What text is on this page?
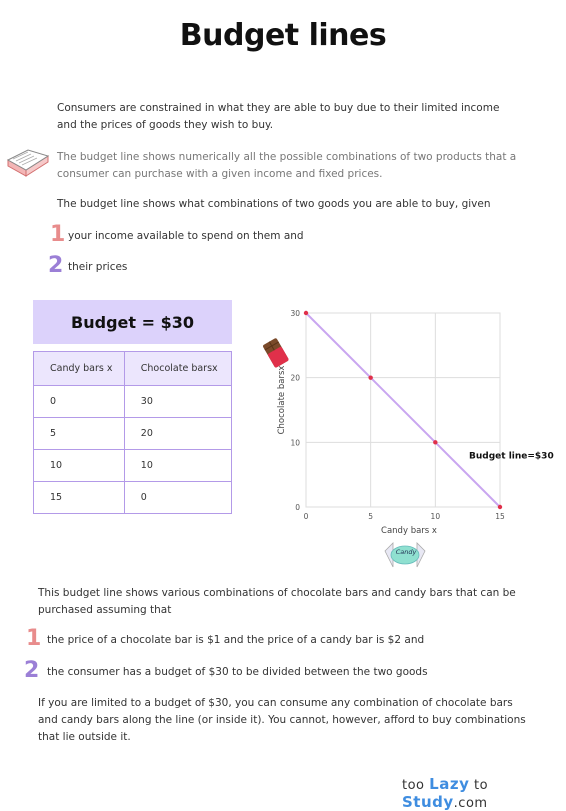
Budget lines
Consumers are constrained in what they are able to buy due to their limited income and the prices of goods they wish to buy.
The budget line shows numerically all the possible combinations of two products that a consumer can purchase with a given income and fixed prices.
The budget line shows what combinations of two goods you are able to buy, given
1 your income available to spend on them and
2 their prices
Budget = $30
Candy bars x	Chocolate barsx
0	30
5	20
10	10
15	0
0	5	10	15
0
10
20
30
Budget line=$30
Candy bars x
Chocolate barsx
Candy
This budget line shows various combinations of chocolate bars and candy bars that can be purchased assuming that
1 the price of a chocolate bar is $1 and the price of a candy bar is $2 and
2 the consumer has a budget of $30 to be divided between the two goods
If you are limited to a budget of $30, you can consume any combination of chocolate bars and candy bars along the line (or inside it). You cannot, however, afford to buy combinations that lie outside it.
too Lazy to Study.com
